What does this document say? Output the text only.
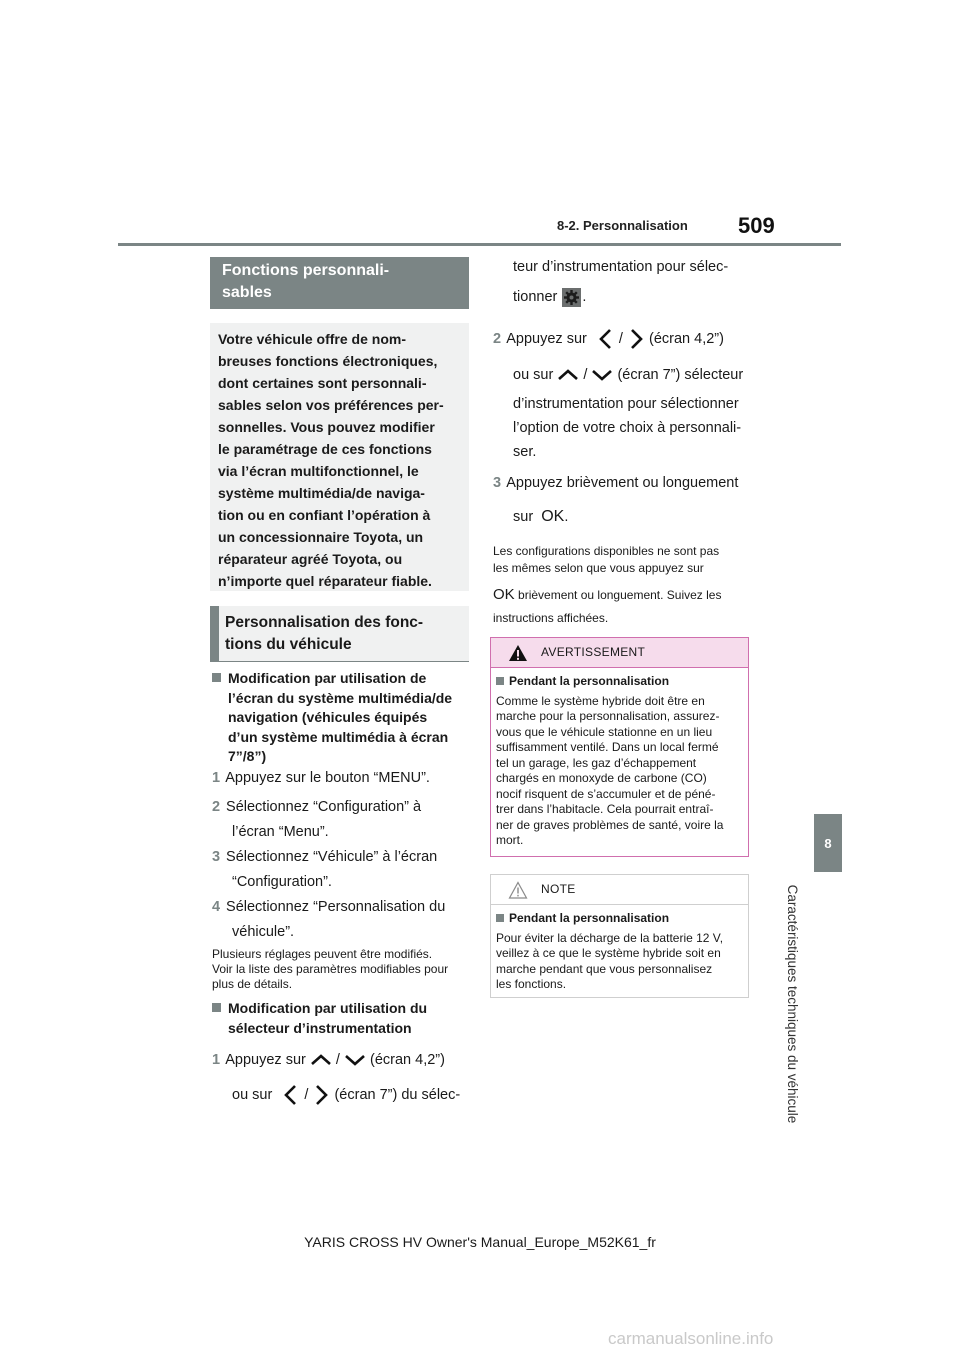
8-2. Personnalisation 509
8
Caractéristiques techniques du véhicule
Fonctions personnali-
sables
Votre véhicule offre de nom-
breuses fonctions électroniques,
dont certaines sont personnali-
sables selon vos préférences per-
sonnelles. Vous pouvez modifier
le paramétrage de ces fonctions
via l’écran multifonctionnel, le
système multimédia/de naviga-
tion ou en confiant l’opération à
un concessionnaire Toyota, un
réparateur agréé Toyota, ou
n’importe quel réparateur fiable.
Personnalisation des fonc-
tions du véhicule
Modification par utilisation de
l’écran du système multimédia/de
navigation (véhicules équipés
d’un système multimédia à écran
7”/8”)
1 Appuyez sur le bouton “MENU”.
2 Sélectionnez “Configuration” à
l’écran “Menu”.
3 Sélectionnez “Véhicule” à l’écran
“Configuration”.
4 Sélectionnez “Personnalisation du
véhicule”.
Plusieurs réglages peuvent être modifiés.
Voir la liste des paramètres modifiables pour
plus de détails.
Modification par utilisation du
sélecteur d’instrumentation
1 Appuyez sur / (écran 4,2”)
ou sur / (écran 7”) du sélec-
teur d’instrumentation pour sélec-
tionner .
2 Appuyez sur / (écran 4,2”)
ou sur / (écran 7”) sélecteur
d’instrumentation pour sélectionner
l’option de votre choix à personnali-
ser.
3 Appuyez brièvement ou longuement
sur OK.
Les configurations disponibles ne sont pas
les mêmes selon que vous appuyez sur
OK brièvement ou longuement. Suivez les
instructions affichées.
AVERTISSEMENT
Pendant la personnalisation
Comme le système hybride doit être en
marche pour la personnalisation, assurez-
vous que le véhicule stationne en un lieu
suffisamment ventilé. Dans un local fermé
tel un garage, les gaz d’échappement
chargés en monoxyde de carbone (CO)
nocif risquent de s’accumuler et de péné-
trer dans l’habitacle. Cela pourrait entraî-
ner de graves problèmes de santé, voire la
mort.
NOTE
Pendant la personnalisation
Pour éviter la décharge de la batterie 12 V,
veillez à ce que le système hybride soit en
marche pendant que vous personnalisez
les fonctions.
YARIS CROSS HV Owner's Manual_Europe_M52K61_fr
carmanualsonline.info
